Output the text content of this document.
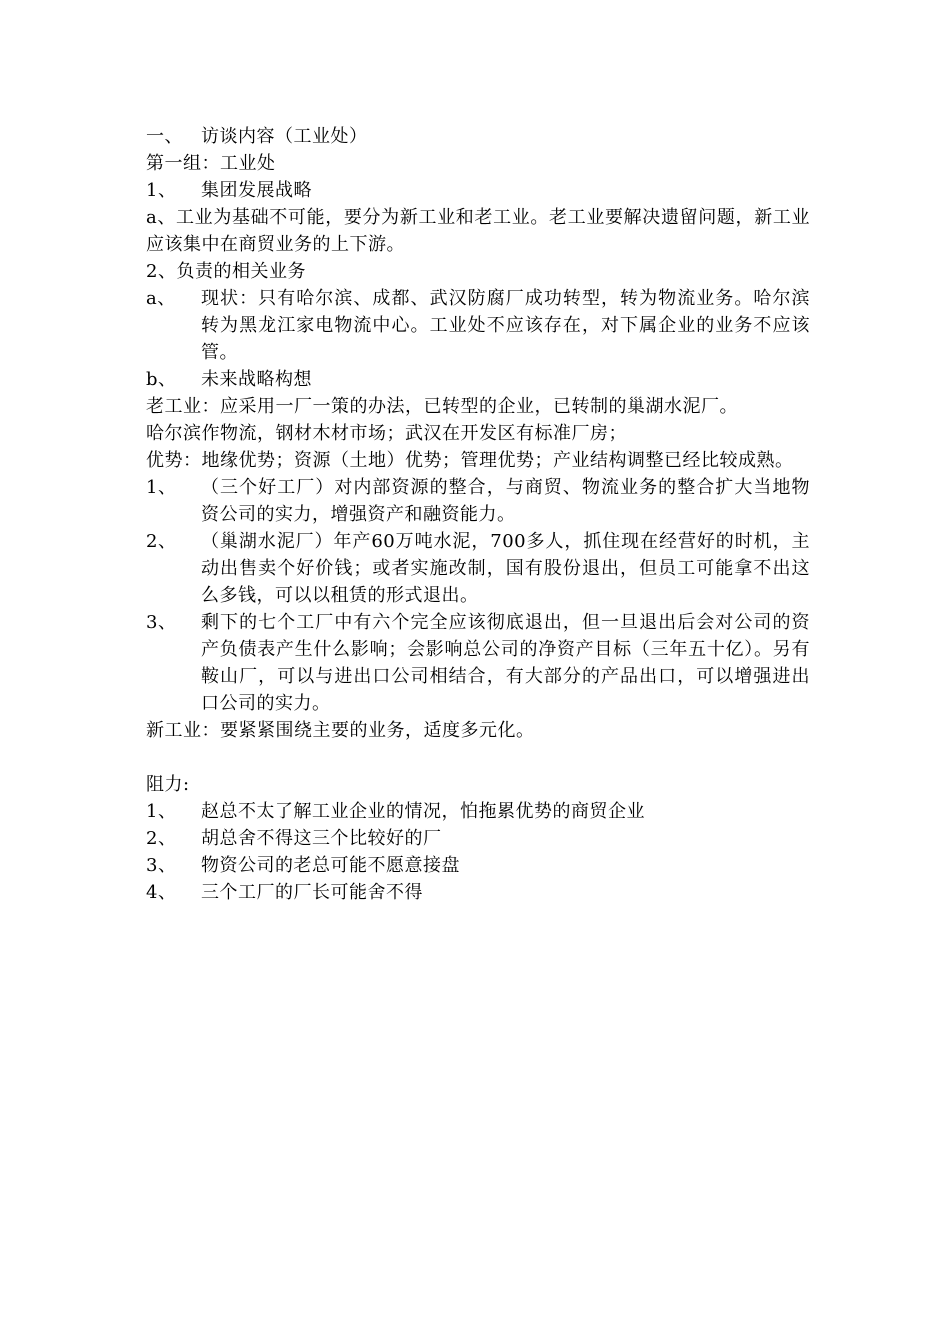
一、	访谈内容（工业处）
第一组：工业处
1、	集团发展战略
a、工业为基础不可能，要分为新工业和老工业。老工业要解决遗留问题，新工业应该集中在商贸业务的上下游。
2、负责的相关业务
a、	现状：只有哈尔滨、成都、武汉防腐厂成功转型，转为物流业务。哈尔滨转为黑龙江家电物流中心。工业处不应该存在，对下属企业的业务不应该管。
b、	未来战略构想
老工业：应采用一厂一策的办法，已转型的企业，已转制的巢湖水泥厂。
哈尔滨作物流，钢材木材市场；武汉在开发区有标准厂房；
优势：地缘优势；资源（土地）优势；管理优势；产业结构调整已经比较成熟。
1、	（三个好工厂）对内部资源的整合，与商贸、物流业务的整合扩大当地物资公司的实力，增强资产和融资能力。
2、	（巢湖水泥厂）年产60万吨水泥，700多人，抓住现在经营好的时机，主动出售卖个好价钱；或者实施改制，国有股份退出，但员工可能拿不出这么多钱，可以以租赁的形式退出。
3、	剩下的七个工厂中有六个完全应该彻底退出，但一旦退出后会对公司的资产负债表产生什么影响；会影响总公司的净资产目标（三年五十亿）。另有鞍山厂，可以与进出口公司相结合，有大部分的产品出口，可以增强进出口公司的实力。
新工业：要紧紧围绕主要的业务，适度多元化。
阻力:
1、	赵总不太了解工业企业的情况，怕拖累优势的商贸企业
2、	胡总舍不得这三个比较好的厂
3、	物资公司的老总可能不愿意接盘
4、	三个工厂的厂长可能舍不得
